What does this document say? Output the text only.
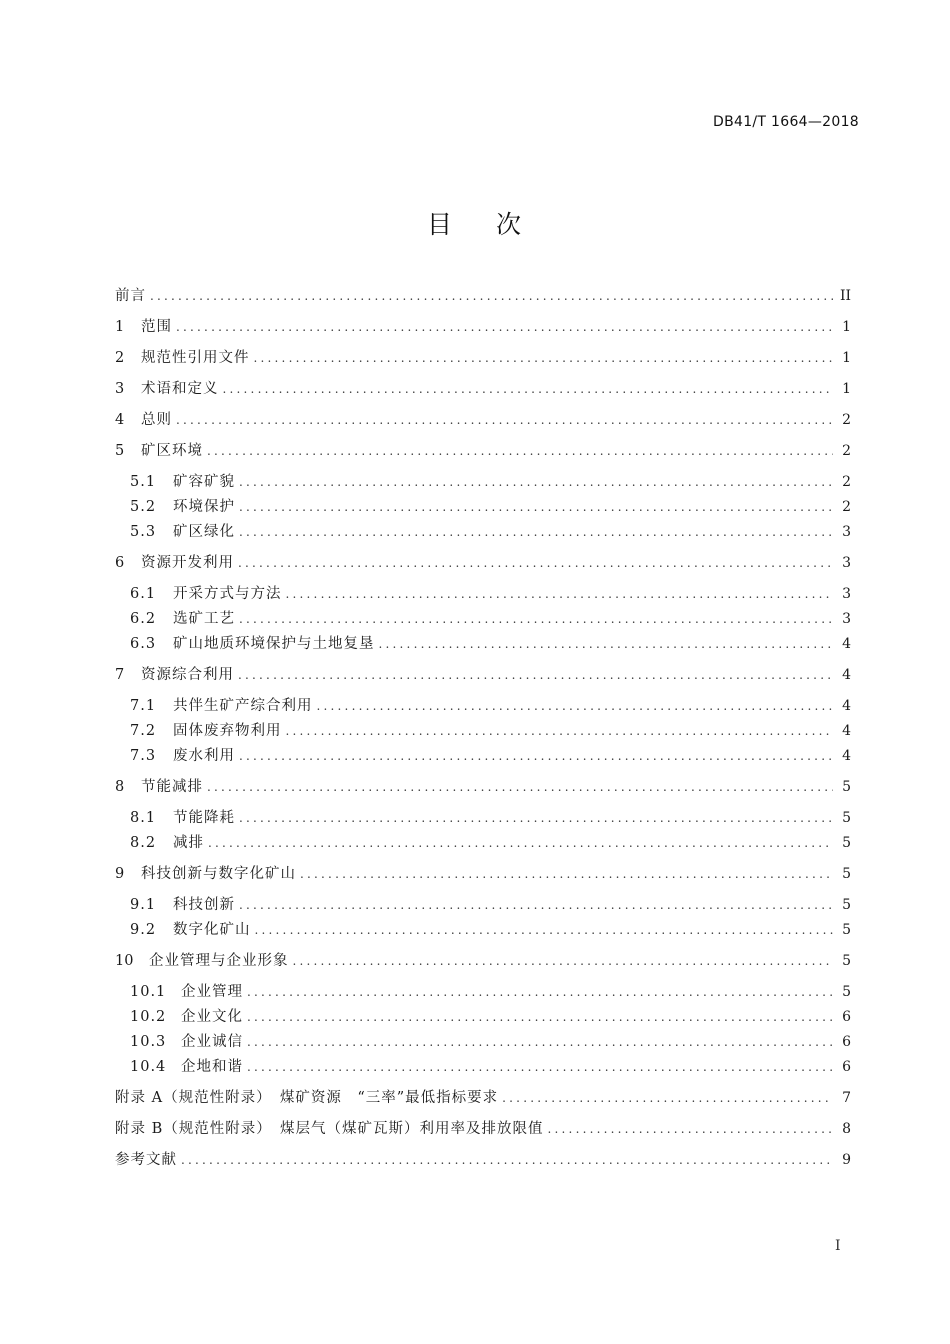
DB41/T 1664—2018
目 次
前言 .....	II
1	范围 .....	1
2	规范性引用文件 .....	1
3	术语和定义 .....	1
4	总则 .....	2
5	矿区环境 .....	2
5.1	矿容矿貌 .....	2
5.2	环境保护 .....	2
5.3	矿区绿化 .....	3
6	资源开发利用 .....	3
6.1	开采方式与方法 .....	3
6.2	选矿工艺 .....	3
6.3	矿山地质环境保护与土地复垦 .....	4
7	资源综合利用 .....	4
7.1	共伴生矿产综合利用 .....	4
7.2	固体废弃物利用 .....	4
7.3	废水利用 .....	4
8	节能减排 .....	5
8.1	节能降耗 .....	5
8.2	减排 .....	5
9	科技创新与数字化矿山 .....	5
9.1	科技创新 .....	5
9.2	数字化矿山 .....	5
10	企业管理与企业形象 .....	5
10.1	企业管理 .....	5
10.2	企业文化 .....	6
10.3	企业诚信 .....	6
10.4	企地和谐 .....	6
附录 A（规范性附录）　煤矿资源　“三率”最低指标要求 .....	7
附录 B（规范性附录）　煤层气（煤矿瓦斯）利用率及排放限值 .....	8
参考文献 .....	9
I
